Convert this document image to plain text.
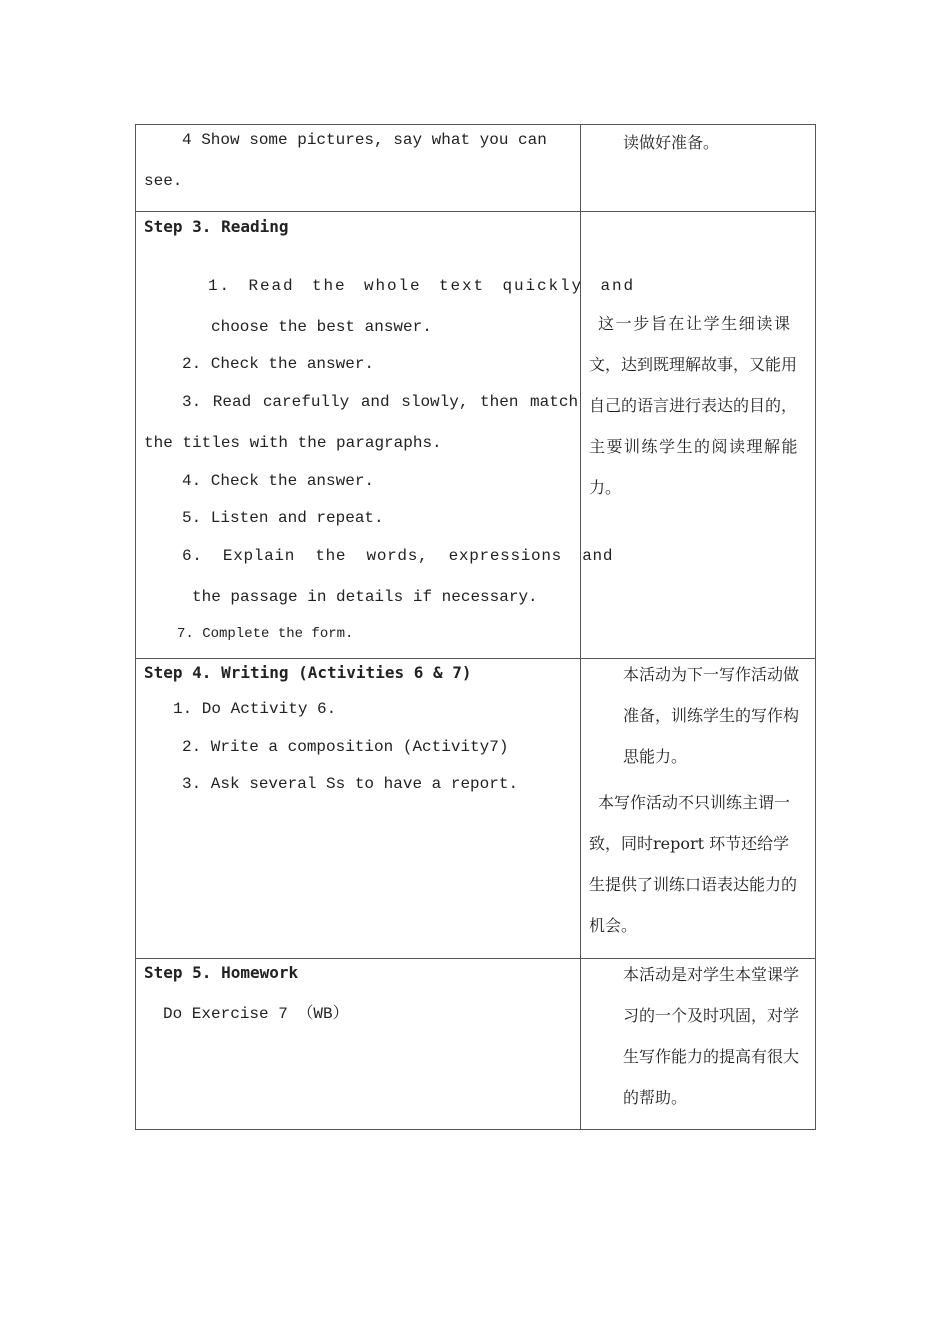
4 Show some pictures, say what you can
see.
读做好准备。
Step 3. Reading
1. Read the whole text quickly and
choose the best answer.
2. Check the answer.
3. Read carefully and slowly, then match
the titles with the paragraphs.
4. Check the answer.
5. Listen and repeat.
6. Explain the words, expressions and
the passage in details if necessary.
7. Complete the form.
这一步旨在让学生细读课
文，达到既理解故事，又能用
自己的语言进行表达的目的，
主要训练学生的阅读理解能
力。
Step 4. Writing (Activities 6 & 7)
1. Do Activity 6.
2. Write a composition (Activity7)
3. Ask several Ss to have a report.
本活动为下一写作活动做
准备，训练学生的写作构
思能力。
本写作活动不只训练主谓一
致，同时report 环节还给学
生提供了训练口语表达能力的
机会。
Step 5. Homework
Do Exercise 7 （WB）
本活动是对学生本堂课学
习的一个及时巩固，对学
生写作能力的提高有很大
的帮助。
